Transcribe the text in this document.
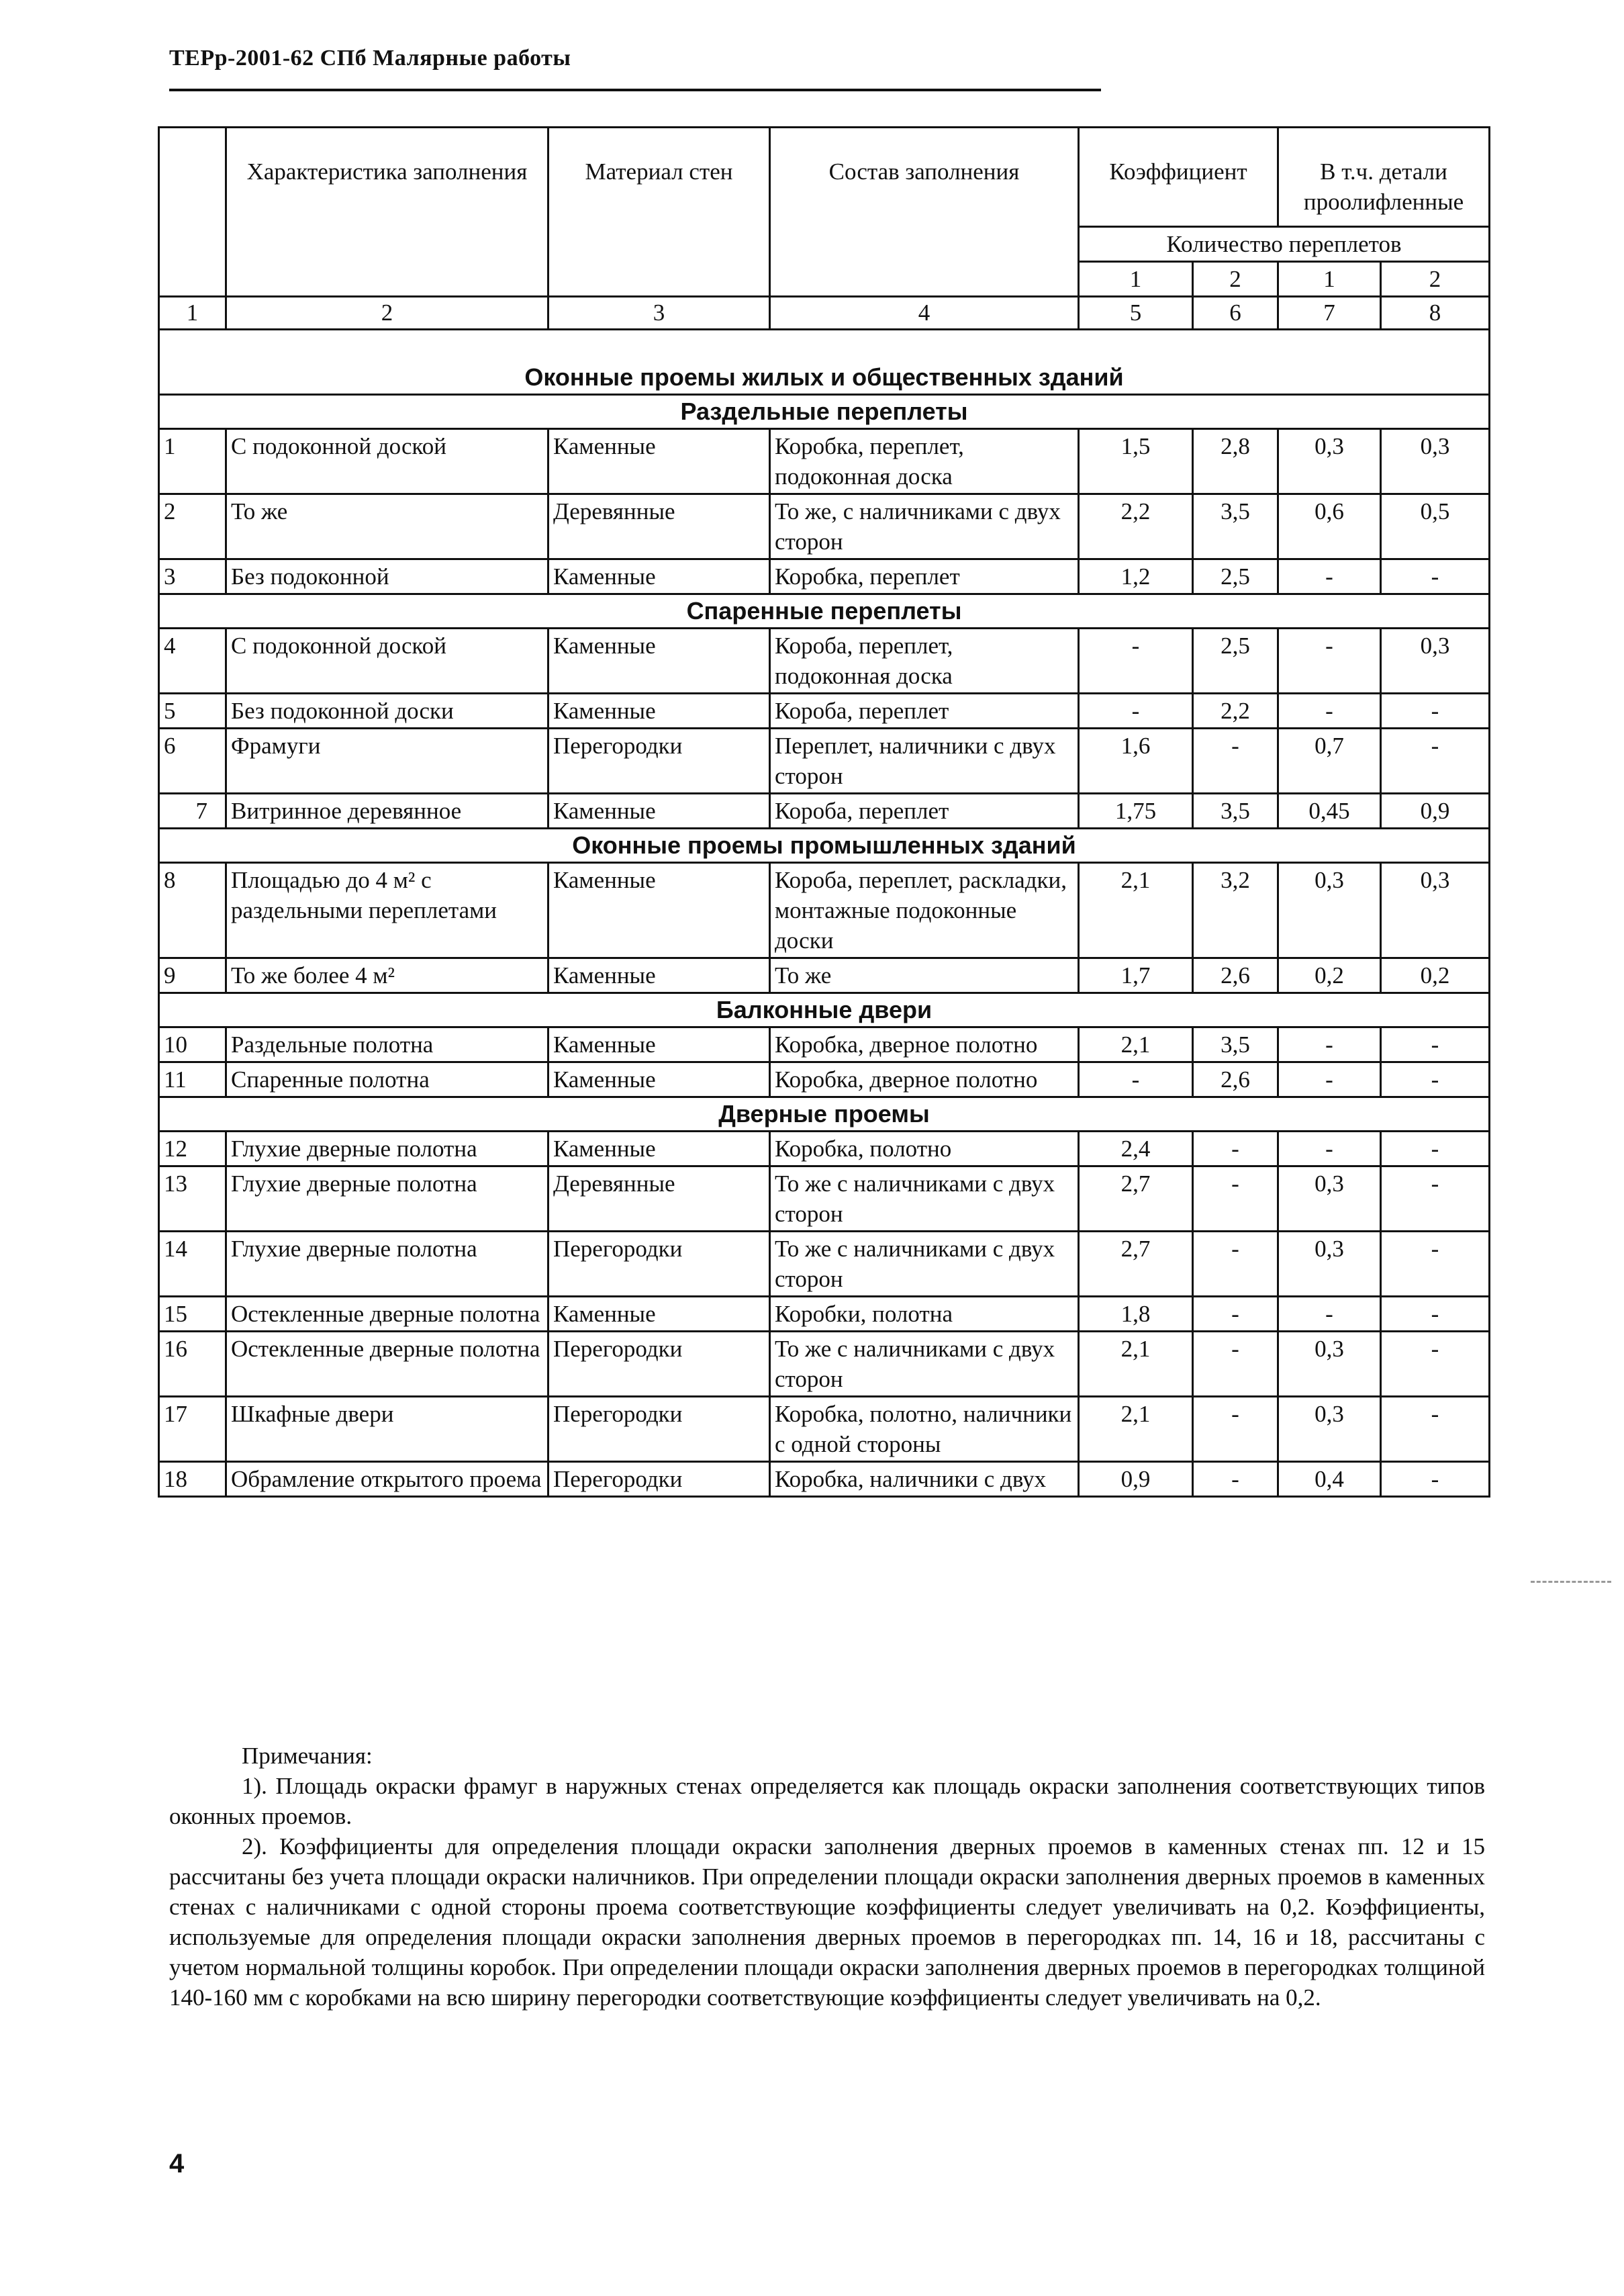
ТЕРр-2001-62 СПб Малярные работы
	Характеристика заполнения	Материал стен	Состав заполнения	Коэффициент		В т.ч. детали проолифленные	
				Количество переплетов			
				1	2	1	2
1	2	3	4	5	6	7	8
Оконные проемы жилых и общественных зданий							
Раздельные переплеты							
1	С подоконной доской	Каменные	Коробка, переплет, подоконная доска	1,5	2,8	0,3	0,3
2	То же	Деревянные	То же, с наличниками с двух сторон	2,2	3,5	0,6	0,5
3	Без подоконной	Каменные	Коробка, переплет	1,2	2,5	-	-
Спаренные переплеты							
4	С подоконной доской	Каменные	Короба, переплет, подоконная доска	-	2,5	-	0,3
5	Без подоконной доски	Каменные	Короба, переплет	-	2,2	-	-
6	Фрамуги	Перегородки	Переплет, наличники с двух сторон	1,6	-	0,7	-
7	Витринное деревянное	Каменные	Короба, переплет	1,75	3,5	0,45	0,9
Оконные проемы промышленных зданий							
8	Площадью до 4 м² с раздельными переплетами	Каменные	Короба, переплет, раскладки, монтажные подоконные доски	2,1	3,2	0,3	0,3
9	То же более 4 м²	Каменные	То же	1,7	2,6	0,2	0,2
Балконные двери							
10	Раздельные полотна	Каменные	Коробка, дверное полотно	2,1	3,5	-	-
11	Спаренные полотна	Каменные	Коробка, дверное полотно	-	2,6	-	-
Дверные проемы							
12	Глухие дверные полотна	Каменные	Коробка, полотно	2,4	-	-	-
13	Глухие дверные полотна	Деревянные	То же с наличниками с двух сторон	2,7	-	0,3	-
14	Глухие дверные полотна	Перегородки	То же с наличниками с двух сторон	2,7	-	0,3	-
15	Остекленные дверные полотна	Каменные	Коробки, полотна	1,8	-	-	-
16	Остекленные дверные полотна	Перегородки	То же с наличниками с двух сторон	2,1	-	0,3	-
17	Шкафные двери	Перегородки	Коробка, полотно, наличники с одной стороны	2,1	-	0,3	-
18	Обрамление открытого проема	Перегородки	Коробка, наличники с двух	0,9	-	0,4	-

Примечания:

1). Площадь окраски фрамуг в наружных стенах определяется как площадь окраски заполнения соответствующих типов оконных проемов.

2). Коэффициенты для определения площади окраски заполнения дверных проемов в каменных стенах пп. 12 и 15 рассчитаны без учета площади окраски наличников. При определении площади окраски заполнения дверных проемов в каменных стенах с наличниками с одной стороны проема соответствующие коэффициенты следует увеличивать на 0,2. Коэффициенты, используемые для определения площади окраски заполнения дверных проемов в перегородках пп. 14, 16 и 18, рассчитаны с учетом нормальной толщины коробок. При определении площади окраски заполнения дверных проемов в перегородках толщиной 140-160 мм с коробками на всю ширину перегородки соответствующие коэффициенты следует увеличивать на 0,2.

4
